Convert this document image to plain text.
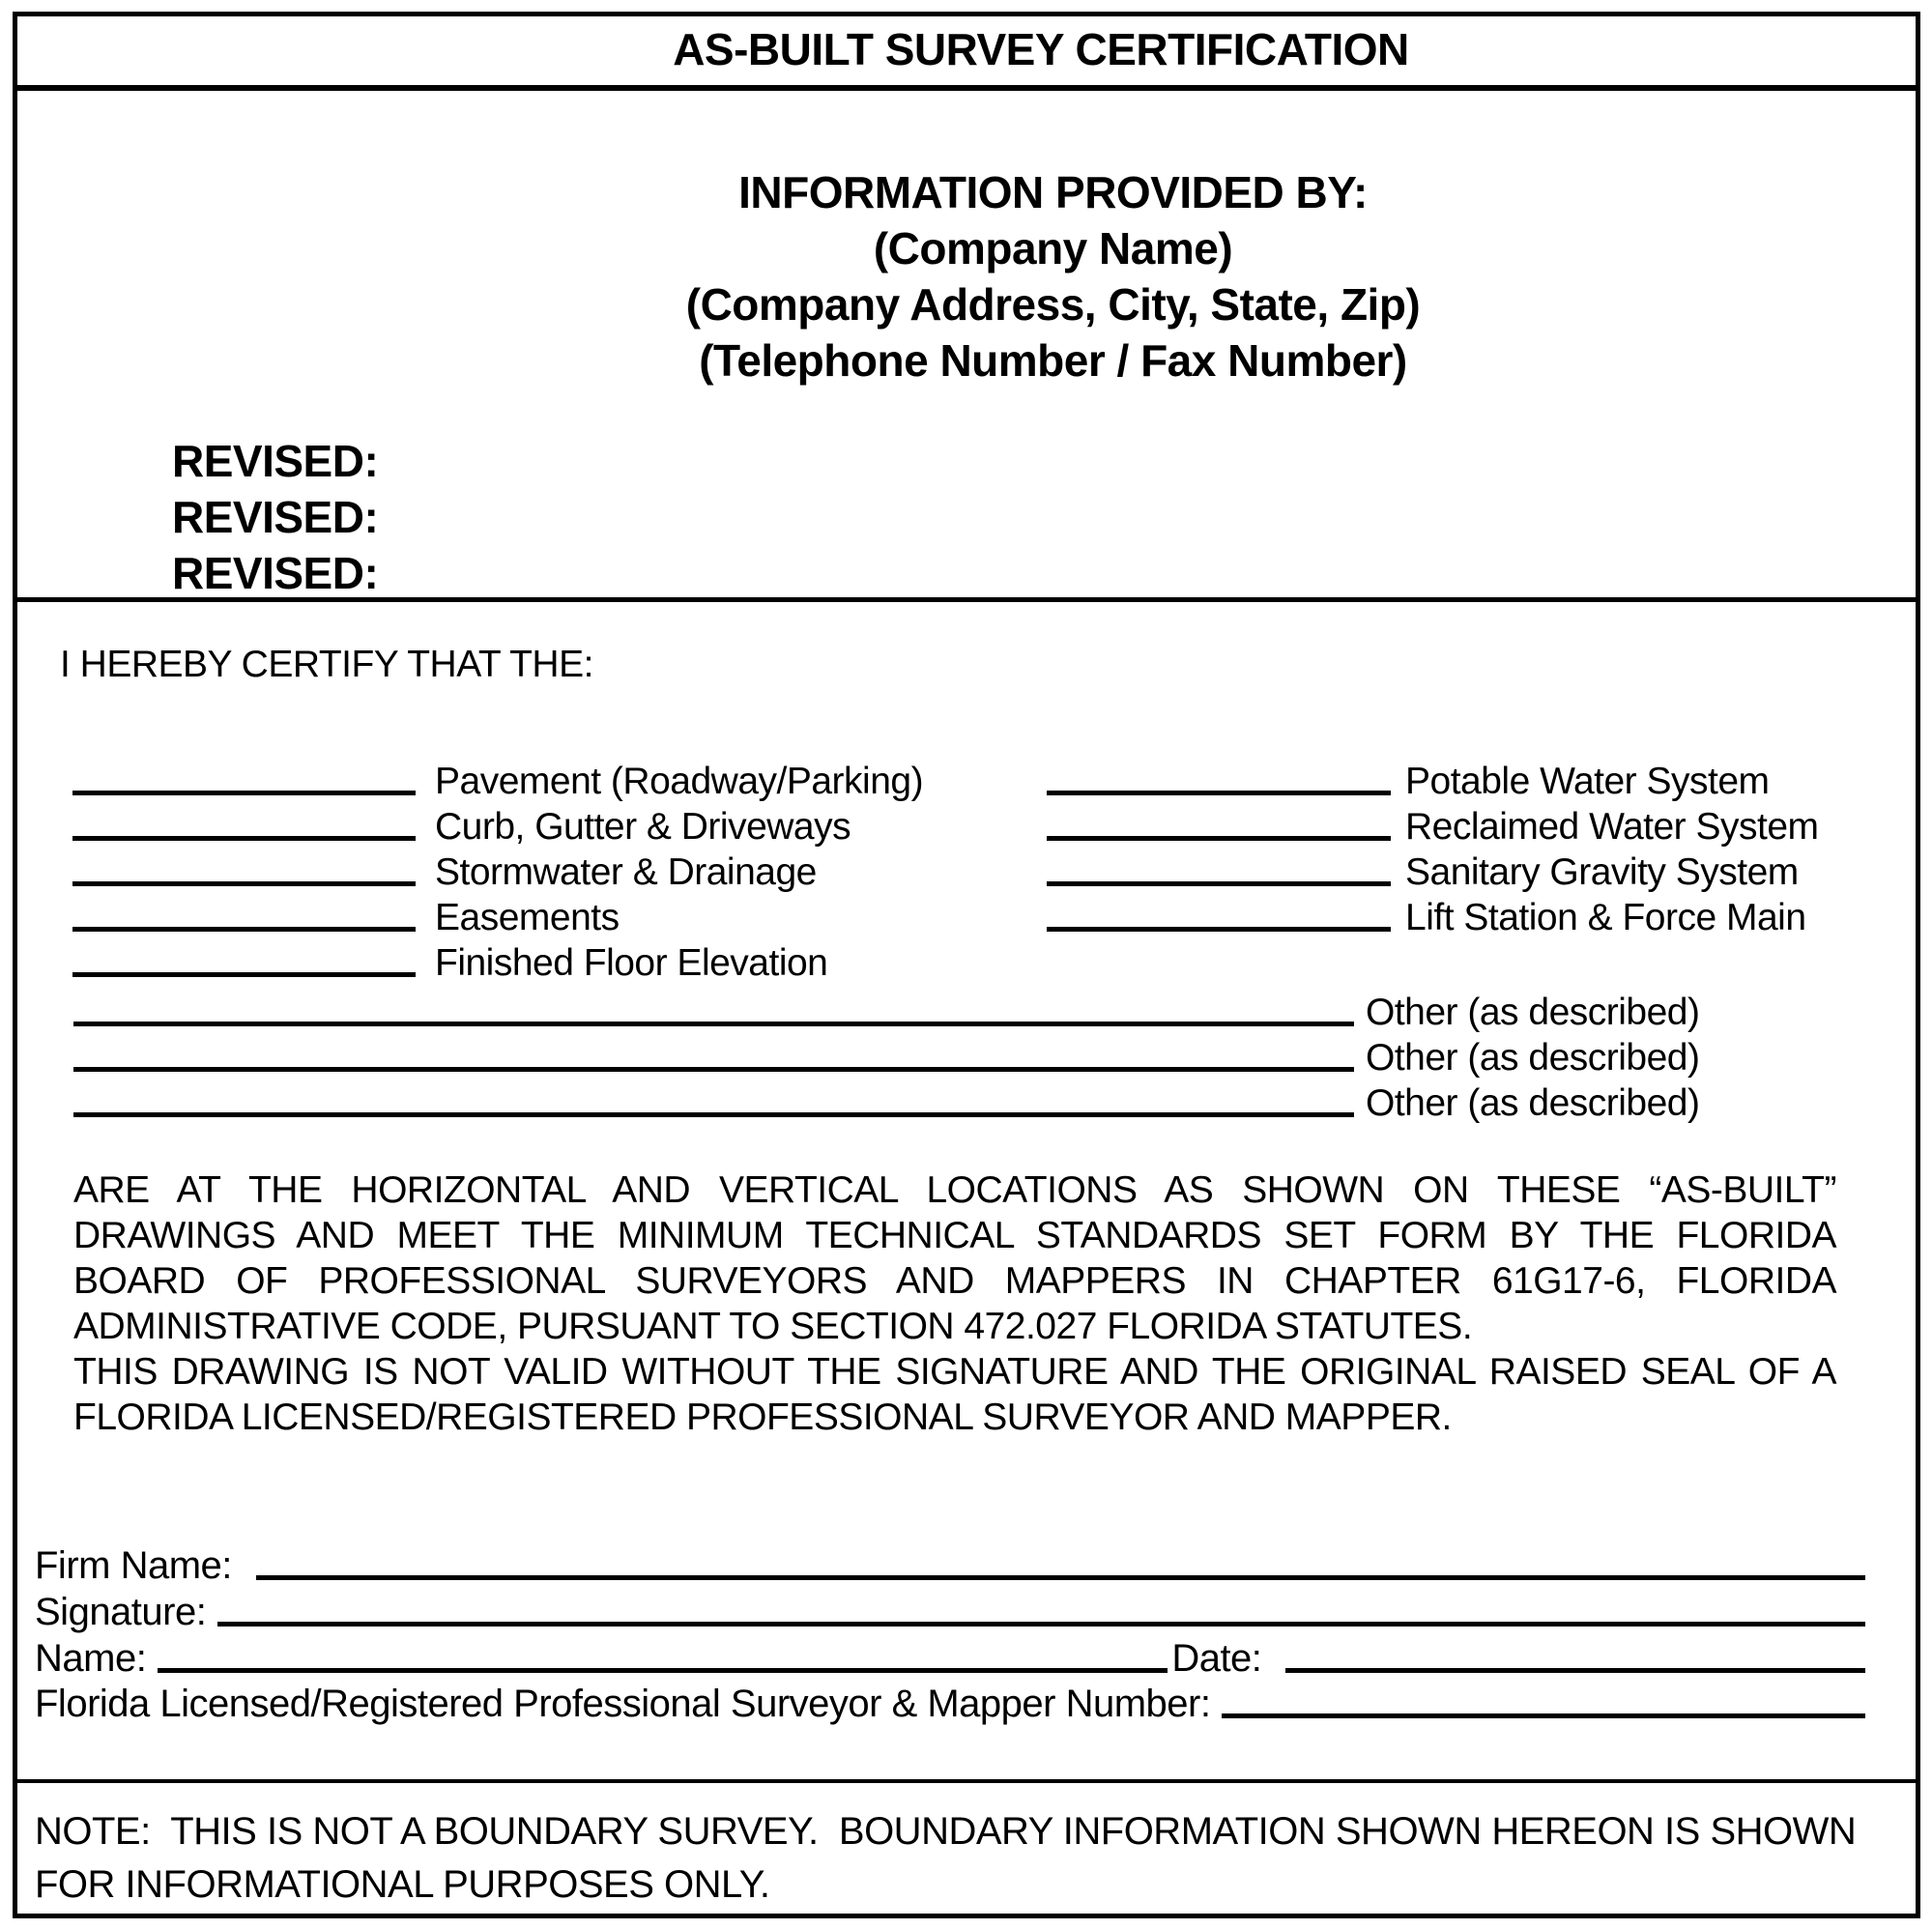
AS-BUILT SURVEY CERTIFICATION
INFORMATION PROVIDED BY:
(Company Name)
(Company Address, City, State, Zip)
(Telephone Number / Fax Number)
REVISED:
REVISED:
REVISED:
I HEREBY CERTIFY THAT THE:
Pavement (Roadway/Parking)
Curb, Gutter & Driveways
Stormwater & Drainage
Easements
Finished Floor Elevation
Potable Water System
Reclaimed Water System
Sanitary Gravity System
Lift Station & Force Main
Other (as described)
Other (as described)
Other (as described)

ARE AT THE HORIZONTAL AND VERTICAL LOCATIONS AS SHOWN ON THESE “AS-BUILT” DRAWINGS AND MEET THE MINIMUM TECHNICAL STANDARDS SET FORM BY THE FLORIDA BOARD OF PROFESSIONAL SURVEYORS AND MAPPERS IN CHAPTER 61G17-6, FLORIDA ADMINISTRATIVE CODE, PURSUANT TO SECTION 472.027 FLORIDA STATUTES.

THIS DRAWING IS NOT VALID WITHOUT THE SIGNATURE AND THE ORIGINAL RAISED SEAL OF A FLORIDA LICENSED/REGISTERED PROFESSIONAL SURVEYOR AND MAPPER.

Firm Name:
Signature:
Name:	Date:
Florida Licensed/Registered Professional Surveyor & Mapper Number:
NOTE:  THIS IS NOT A BOUNDARY SURVEY.  BOUNDARY INFORMATION SHOWN HEREON IS SHOWN FOR INFORMATIONAL PURPOSES ONLY.
